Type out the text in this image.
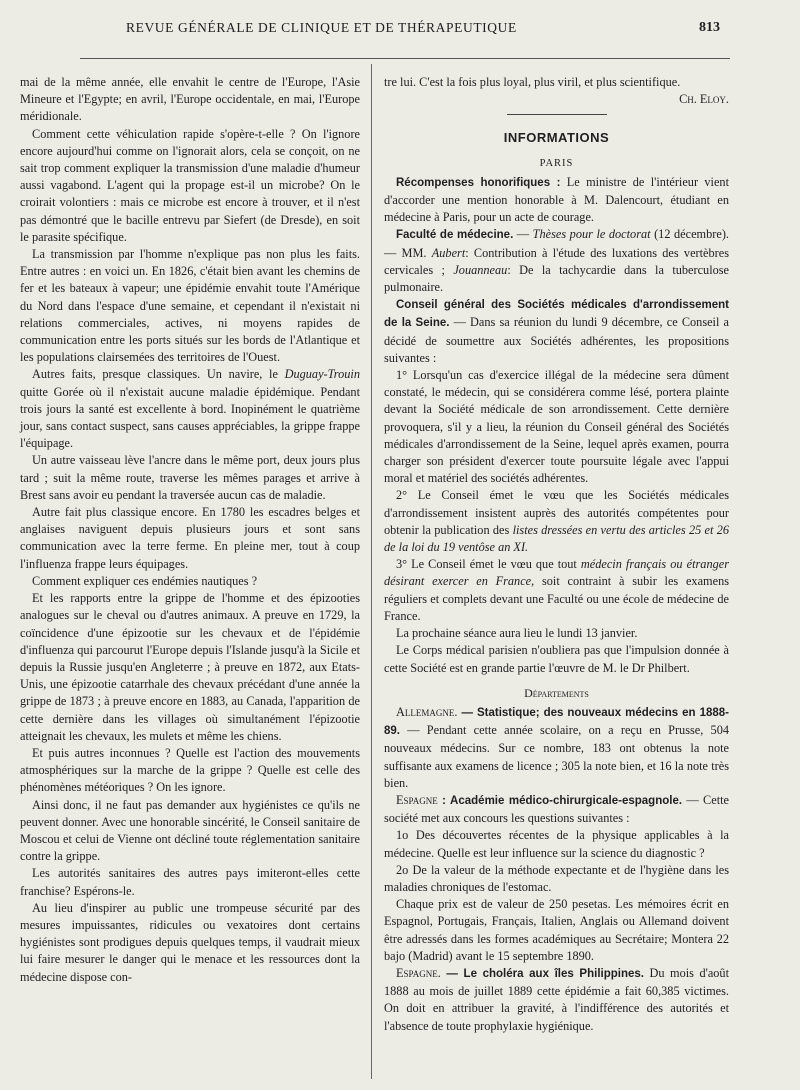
REVUE GÉNÉRALE DE CLINIQUE ET DE THÉRAPEUTIQUE	813

mai de la même année, elle envahit le centre de l'Europe, l'Asie Mineure et l'Egypte; en avril, l'Europe occidentale, en mai, l'Europe méridionale.

Comment cette véhiculation rapide s'opère-t-elle ? On l'ignore encore aujourd'hui comme on l'ignorait alors, cela se conçoit, on ne sait trop comment expliquer la transmission d'une maladie d'humeur aussi vagabond. L'agent qui la propage est-il un microbe? On le croirait volontiers : mais ce microbe est encore à trouver, et il n'est pas démontré que le bacille entrevu par Siefert (de Dresde), en soit le parasite spécifique.

La transmission par l'homme n'explique pas non plus les faits. Entre autres : en voici un. En 1826, c'était bien avant les chemins de fer et les bateaux à vapeur; une épidémie envahit toute l'Amérique du Nord dans l'espace d'une semaine, et cependant il n'existait ni relations commerciales, actives, ni moyens rapides de communication entre les ports situés sur les bords de l'Atlantique et les populations clairsemées des territoires de l'Ouest.

Autres faits, presque classiques. Un navire, le Duguay-Trouin quitte Gorée où il n'existait aucune maladie épidémique. Pendant trois jours la santé est excellente à bord. Inopinément le quatrième jour, sans contact suspect, sans causes appréciables, la grippe frappe l'équipage.

Un autre vaisseau lève l'ancre dans le même port, deux jours plus tard ; suit la même route, traverse les mêmes parages et arrive à Brest sans avoir eu pendant la traversée aucun cas de maladie.

Autre fait plus classique encore. En 1780 les escadres belges et anglaises naviguent depuis plusieurs jours et sont sans communication avec la terre ferme. En pleine mer, tout à coup l'influenza frappe leurs équipages.

Comment expliquer ces endémies nautiques ?

Et les rapports entre la grippe de l'homme et des épizooties analogues sur le cheval ou d'autres animaux. A preuve en 1729, la coïncidence d'une épizootie sur les chevaux et de l'épidémie d'influenza qui parcourut l'Europe depuis l'Islande jusqu'à la Sicile et depuis la Russie jusqu'en Angleterre ; à preuve en 1872, aux Etats-Unis, une épizootie catarrhale des chevaux précédant d'une année la grippe de 1873 ; à preuve encore en 1883, au Canada, l'apparition de cette dernière dans les villages où simultanément l'épizootie atteignait les chevaux, les mulets et même les chiens.

Et puis autres inconnues ? Quelle est l'action des mouvements atmosphériques sur la marche de la grippe ? Quelle est celle des phénomènes météoriques ? On les ignore.

Ainsi donc, il ne faut pas demander aux hygiénistes ce qu'ils ne peuvent donner. Avec une honorable sincérité, le Conseil sanitaire de Moscou et celui de Vienne ont décliné toute réglementation sanitaire contre la grippe.

Les autorités sanitaires des autres pays imiteront-elles cette franchise? Espérons-le.

Au lieu d'inspirer au public une trompeuse sécurité par des mesures impuissantes, ridicules ou vexatoires dont certains hygiénistes sont prodigues depuis quelques temps, il vaudrait mieux lui faire mesurer le danger qui le menace et les ressources dont la médecine dispose con-

tre lui. C'est la fois plus loyal, plus viril, et plus scientifique.

Ch. Eloy.

INFORMATIONS
PARIS

Récompenses honorifiques : Le ministre de l'intérieur vient d'accorder une mention honorable à M. Dalencourt, étudiant en médecine à Paris, pour un acte de courage.

Faculté de médecine. — Thèses pour le doctorat (12 décembre). — MM. Aubert: Contribution à l'étude des luxations des vertèbres cervicales ; Jouanneau: De la tachycardie dans la tuberculose pulmonaire.

Conseil général des Sociétés médicales d'arrondissement de la Seine. — Dans sa réunion du lundi 9 décembre, ce Conseil a décidé de soumettre aux Sociétés adhérentes, les propositions suivantes :

1° Lorsqu'un cas d'exercice illégal de la médecine sera dûment constaté, le médecin, qui se considérera comme lésé, portera plainte devant la Société médicale de son arrondissement. Cette dernière provoquera, s'il y a lieu, la réunion du Conseil général des Sociétés médicales d'arrondissement de la Seine, lequel après examen, pourra charger son président d'exercer toute poursuite légale avec l'appui moral et matériel des sociétés adhérentes.

2° Le Conseil émet le vœu que les Sociétés médicales d'arrondissement insistent auprès des autorités compétentes pour obtenir la publication des listes dressées en vertu des articles 25 et 26 de la loi du 19 ventôse an XI.

3° Le Conseil émet le vœu que tout médecin français ou étranger désirant exercer en France, soit contraint à subir les examens réguliers et complets devant une Faculté ou une école de médecine de France.

La prochaine séance aura lieu le lundi 13 janvier.

Le Corps médical parisien n'oubliera pas que l'impulsion donnée à cette Société est en grande partie l'œuvre de M. le Dr Philbert.

Départements

Allemagne. — Statistique; des nouveaux médecins en 1888-89. — Pendant cette année scolaire, on a reçu en Prusse, 504 nouveaux médecins. Sur ce nombre, 183 ont obtenus la note suffisante aux examens de licence ; 305 la note bien, et 16 la note très bien.

Espagne : Académie médico-chirurgicale-espagnole. — Cette société met aux concours les questions suivantes :

1o Des découvertes récentes de la physique applicables à la médecine. Quelle est leur influence sur la science du diagnostic ?

2o De la valeur de la méthode expectante et de l'hygiène dans les maladies chroniques de l'estomac.

Chaque prix est de valeur de 250 pesetas. Les mémoires écrit en Espagnol, Portugais, Français, Italien, Anglais ou Allemand doivent être adressés dans les formes académiques au Secrétaire; Montera 22 bajo (Madrid) avant le 15 septembre 1890.

Espagne. — Le choléra aux îles Philippines. Du mois d'août 1888 au mois de juillet 1889 cette épidémie a fait 60,385 victimes. On doit en attribuer la gravité, à l'indifférence des autorités et l'absence de toute prophylaxie hygiénique.
